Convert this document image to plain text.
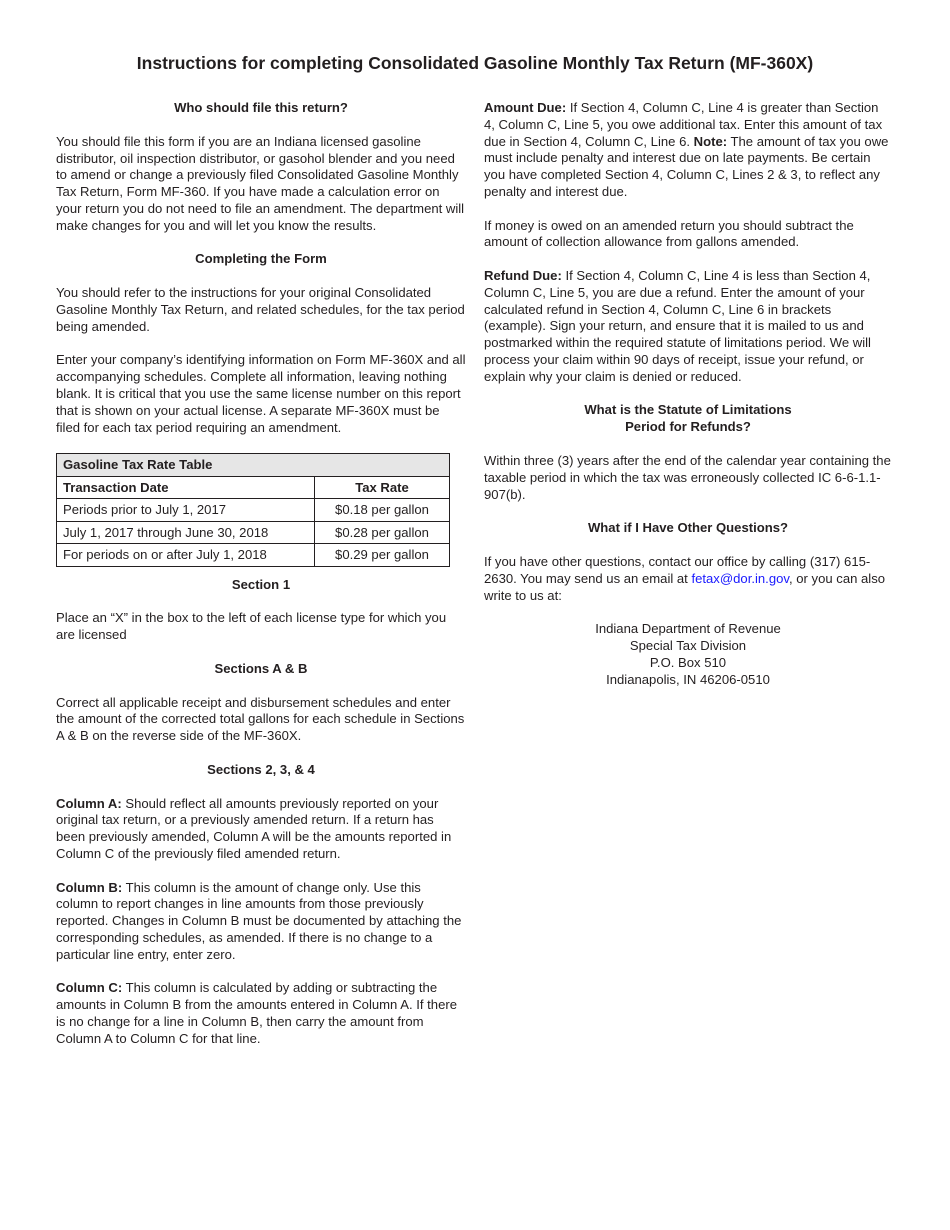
Instructions for completing Consolidated Gasoline Monthly Tax Return (MF-360X)
Who should file this return?

You should file this form if you are an Indiana licensed gasoline distributor, oil inspection distributor, or gasohol blender and you need to amend or change a previously filed Consolidated Gasoline Monthly Tax Return, Form MF-360. If you have made a calculation error on your return you do not need to file an amendment. The department will make changes for you and will let you know the results.

Completing the Form

You should refer to the instructions for your original Consolidated Gasoline Monthly Tax Return, and related schedules, for the tax period being amended.

Enter your company’s identifying information on Form MF-360X and all accompanying schedules. Complete all information, leaving nothing blank. It is critical that you use the same license number on this report that is shown on your actual license. A separate MF-360X must be filed for each tax period requiring an amendment.

Gasoline Tax Rate Table	
Transaction Date	Tax Rate
Periods prior to July 1, 2017	$0.18 per gallon
July 1, 2017 through June 30, 2018	$0.28 per gallon
For periods on or after July 1, 2018	$0.29 per gallon
Section 1

Place an “X” in the box to the left of each license type for which you are licensed

Sections A & B

Correct all applicable receipt and disbursement schedules and enter the amount of the corrected total gallons for each schedule in Sections A & B on the reverse side of the MF-360X.

Sections 2, 3, & 4

Column A: Should reflect all amounts previously reported on your original tax return, or a previously amended return. If a return has been previously amended, Column A will be the amounts reported in Column C of the previously filed amended return.

Column B: This column is the amount of change only. Use this column to report changes in line amounts from those previously reported. Changes in Column B must be documented by attaching the corresponding schedules, as amended. If there is no change to a particular line entry, enter zero.

Column C: This column is calculated by adding or subtracting the amounts in Column B from the amounts entered in Column A. If there is no change for a line in Column B, then carry the amount from Column A to Column C for that line.

Amount Due: If Section 4, Column C, Line 4 is greater than Section 4, Column C, Line 5, you owe additional tax. Enter this amount of tax due in Section 4, Column C, Line 6. Note: The amount of tax you owe must include penalty and interest due on late payments. Be certain you have completed Section 4, Column C, Lines 2 & 3, to reflect any penalty and interest due.

If money is owed on an amended return you should subtract the amount of collection allowance from gallons amended.

Refund Due: If Section 4, Column C, Line 4 is less than Section 4, Column C, Line 5, you are due a refund. Enter the amount of your calculated refund in Section 4, Column C, Line 6 in brackets (example). Sign your return, and ensure that it is mailed to us and postmarked within the required statute of limitations period. We will process your claim within 90 days of receipt, issue your refund, or explain why your claim is denied or reduced.

What is the Statute of Limitations
Period for Refunds?

Within three (3) years after the end of the calendar year containing the taxable period in which the tax was erroneously collected IC 6-6-1.1-907(b).

What if I Have Other Questions?

If you have other questions, contact our office by calling (317) 615-2630. You may send us an email at fetax@dor.in.gov, or you can also write to us at:

Indiana Department of Revenue
Special Tax Division
P.O. Box 510
Indianapolis, IN 46206-0510
